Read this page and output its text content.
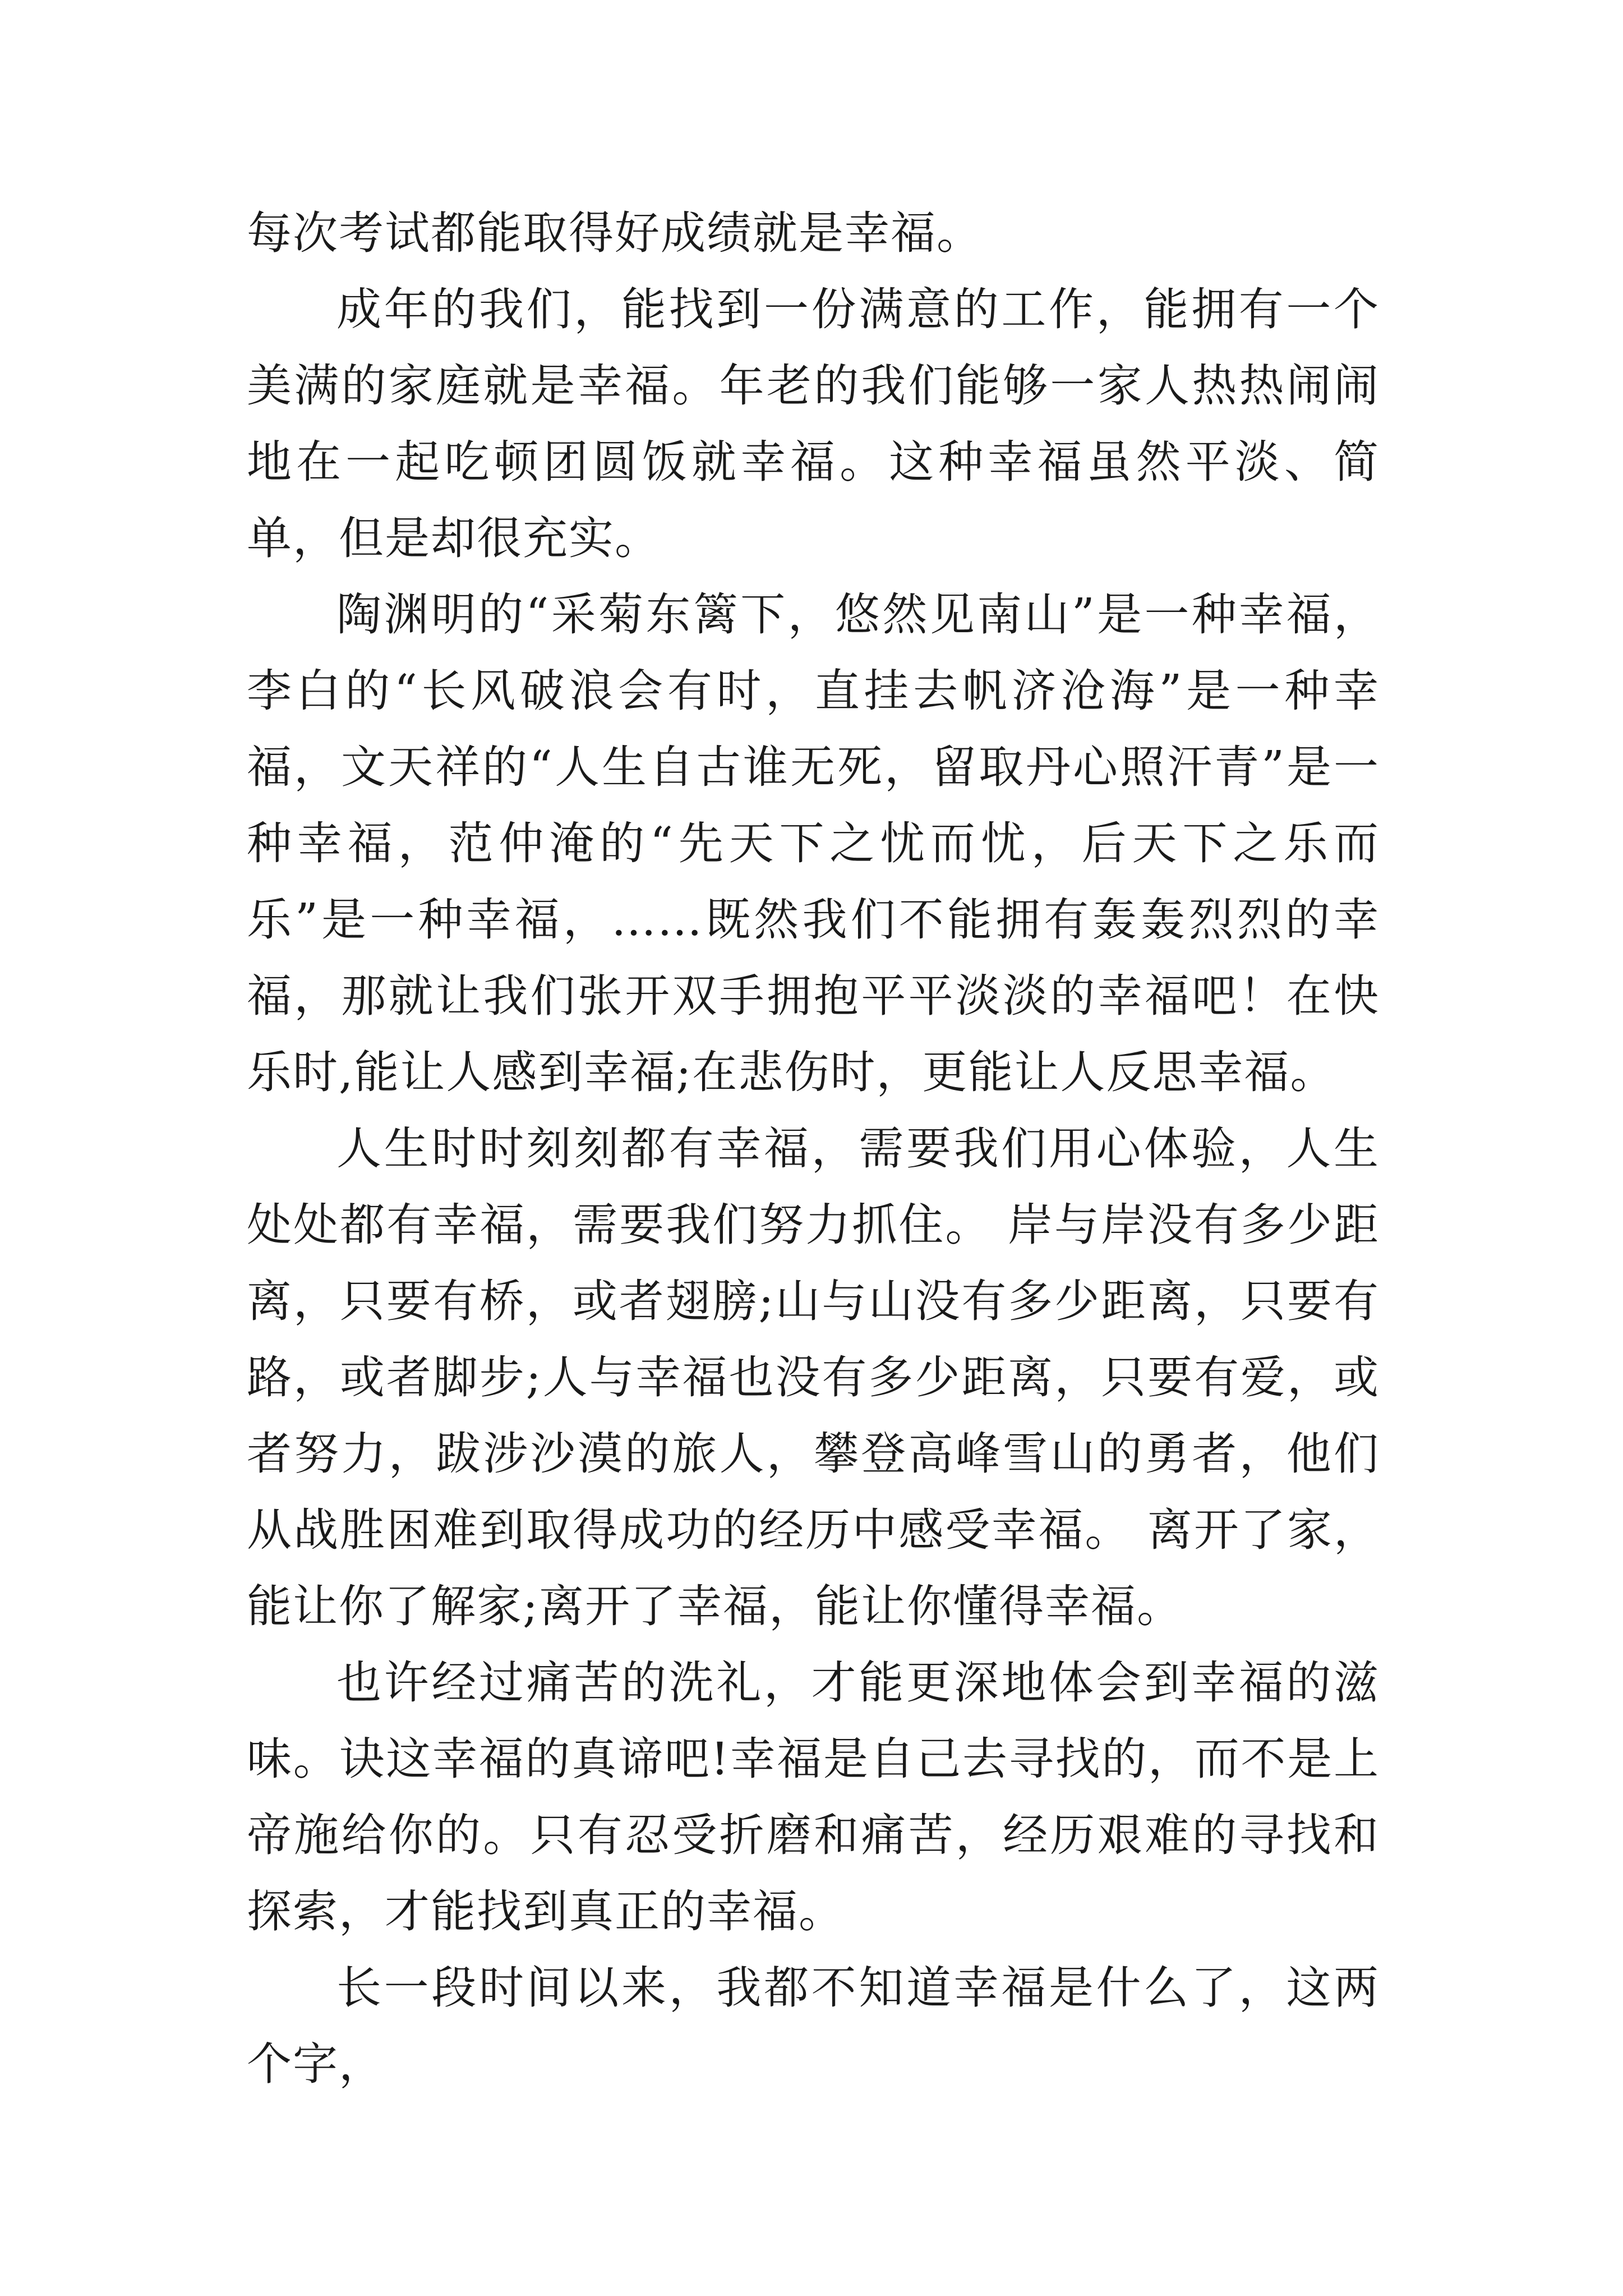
每次考试都能取得好成绩就是幸福。

成年的我们，能找到一份满意的工作，能拥有一个美满的家庭就是幸福。年老的我们能够一家人热热闹闹地在一起吃顿团圆饭就幸福。这种幸福虽然平淡、简单，但是却很充实。

陶渊明的“采菊东篱下，悠然见南山”是一种幸福，李白的“长风破浪会有时，直挂去帆济沧海”是一种幸福，文天祥的“人生自古谁无死，留取丹心照汗青”是一种幸福，范仲淹的“先天下之忧而忧，后天下之乐而乐”是一种幸福，……既然我们不能拥有轰轰烈烈的幸福，那就让我们张开双手拥抱平平淡淡的幸福吧！在快乐时,能让人感到幸福;在悲伤时，更能让人反思幸福。

人生时时刻刻都有幸福，需要我们用心体验，人生处处都有幸福，需要我们努力抓住。 岸与岸没有多少距离，只要有桥，或者翅膀;山与山没有多少距离，只要有路，或者脚步;人与幸福也没有多少距离，只要有爱，或者努力，跋涉沙漠的旅人，攀登高峰雪山的勇者，他们从战胜困难到取得成功的经历中感受幸福。 离开了家，能让你了解家;离开了幸福，能让你懂得幸福。

也许经过痛苦的洗礼，才能更深地体会到幸福的滋味。诀这幸福的真谛吧!幸福是自己去寻找的，而不是上帝施给你的。只有忍受折磨和痛苦，经历艰难的寻找和探索，才能找到真正的幸福。

长一段时间以来，我都不知道幸福是什么了，这两个字，
